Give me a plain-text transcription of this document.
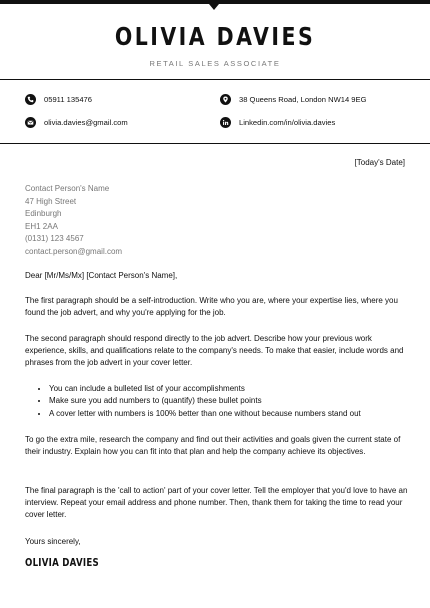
OLIVIA DAVIES
RETAIL SALES ASSOCIATE
05911 135476	38 Queens Road, London NW14 9EG
olivia.davies@gmail.com	Linkedin.com/in/olivia.davies
[Today's Date]
Contact Person's Name
47 High Street
Edinburgh
EH1 2AA
(0131) 123 4567
contact.person@gmail.com

Dear [Mr/Ms/Mx] [Contact Person's Name],

The first paragraph should be a self-introduction. Write who you are, where your expertise lies, where you found the job advert, and why you're applying for the job.

The second paragraph should respond directly to the job advert. Describe how your previous work experience, skills, and qualifications relate to the company's needs. To make that easier, include words and phrases from the job advert in your cover letter.

• You can include a bulleted list of your accomplishments
• Make sure you add numbers to (quantify) these bullet points
• A cover letter with numbers is 100% better than one without because numbers stand out

To go the extra mile, research the company and find out their activities and goals given the current state of their industry. Explain how you can fit into that plan and help the company achieve its objectives.

The final paragraph is the 'call to action' part of your cover letter. Tell the employer that you'd love to have an interview. Repeat your email address and phone number. Then, thank them for taking the time to read your cover letter.

Yours sincerely,

OLIVIA DAVIES
